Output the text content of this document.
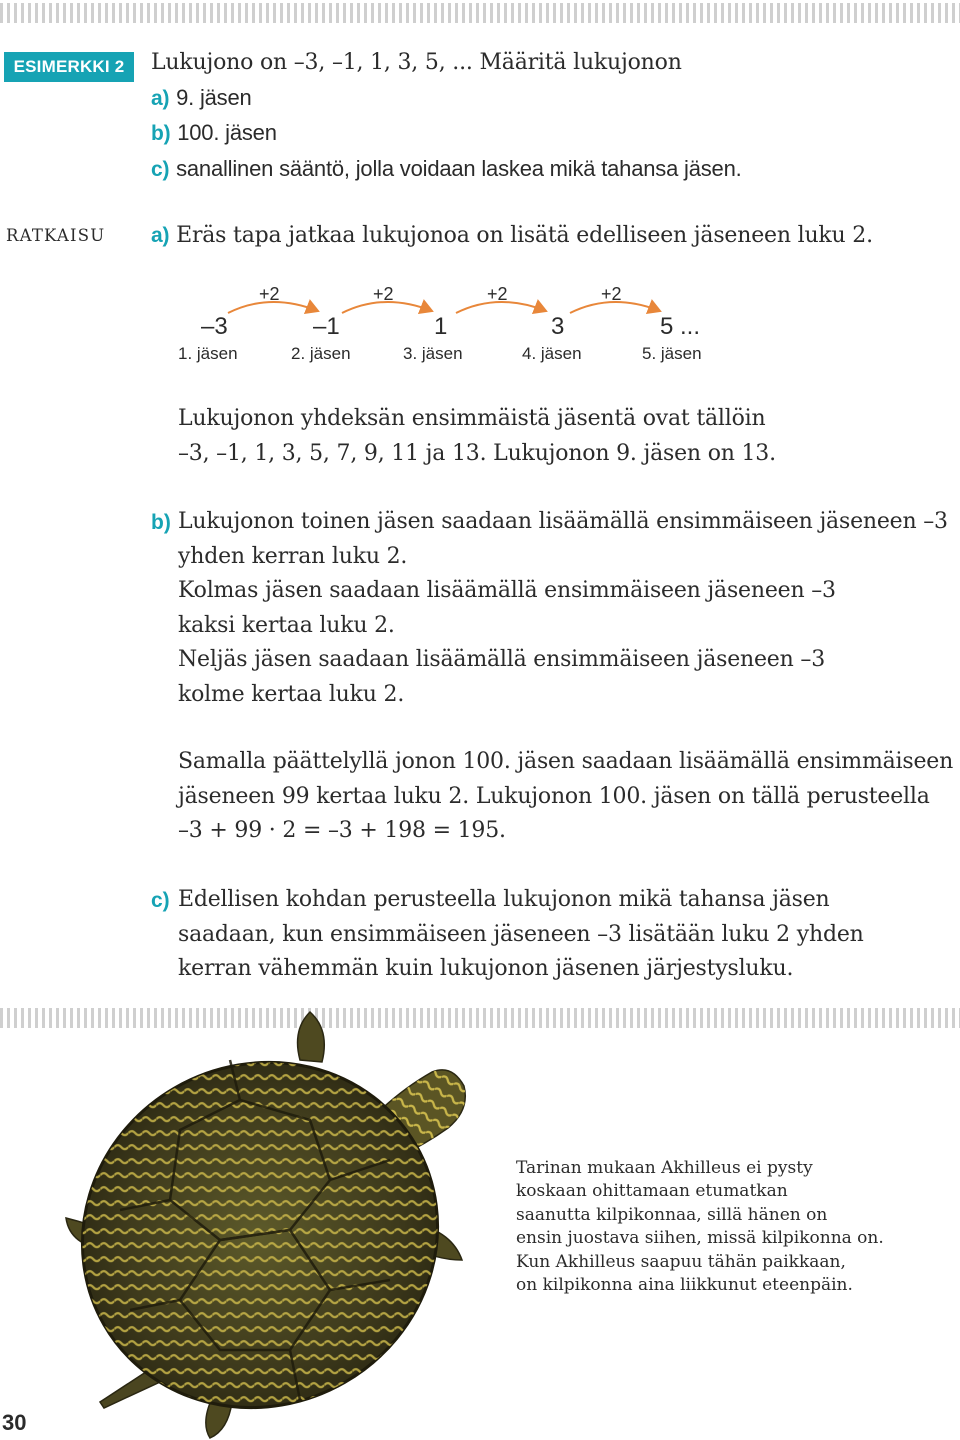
ESIMERKKI 2	Lukujono on –3, –1, 1, 3, 5, ... Määritä lukujonon
a) 9. jäsen
b) 100. jäsen
c) sanallinen sääntö, jolla voidaan laskea mikä tahansa jäsen.
RATKAISU a) Eräs tapa jatkaa lukujonoa on lisätä edelliseen jäseneen luku 2.
+2	+2	+2	+2
–3	–1	1	3	5 ...
1. jäsen	2. jäsen	3. jäsen	4. jäsen	5. jäsen
Lukujonon yhdeksän ensimmäistä jäsentä ovat tällöin
–3, –1, 1, 3, 5, 7, 9, 11 ja 13. Lukujonon 9. jäsen on 13.
b) Lukujonon toinen jäsen saadaan lisäämällä ensimmäiseen jäseneen –3
yhden kerran luku 2.
Kolmas jäsen saadaan lisäämällä ensimmäiseen jäseneen –3
kaksi kertaa luku 2.
Neljäs jäsen saadaan lisäämällä ensimmäiseen jäseneen –3
kolme kertaa luku 2.
Samalla päättelyllä jonon 100. jäsen saadaan lisäämällä ensimmäiseen
jäseneen 99 kertaa luku 2. Lukujonon 100. jäsen on tällä perusteella
–3 + 99 · 2 = –3 + 198 = 195.
c) Edellisen kohdan perusteella lukujonon mikä tahansa jäsen
saadaan, kun ensimmäiseen jäseneen –3 lisätään luku 2 yhden
kerran vähemmän kuin lukujonon jäsenen järjestysluku.
Tarinan mukaan Akhilleus ei pysty
koskaan ohittamaan etumatkan
saanutta kilpikonnaa, sillä hänen on
ensin juostava siihen, missä kilpikonna on.
Kun Akhilleus saapuu tähän paikkaan,
on kilpikonna aina liikkunut eteenpäin.
30
